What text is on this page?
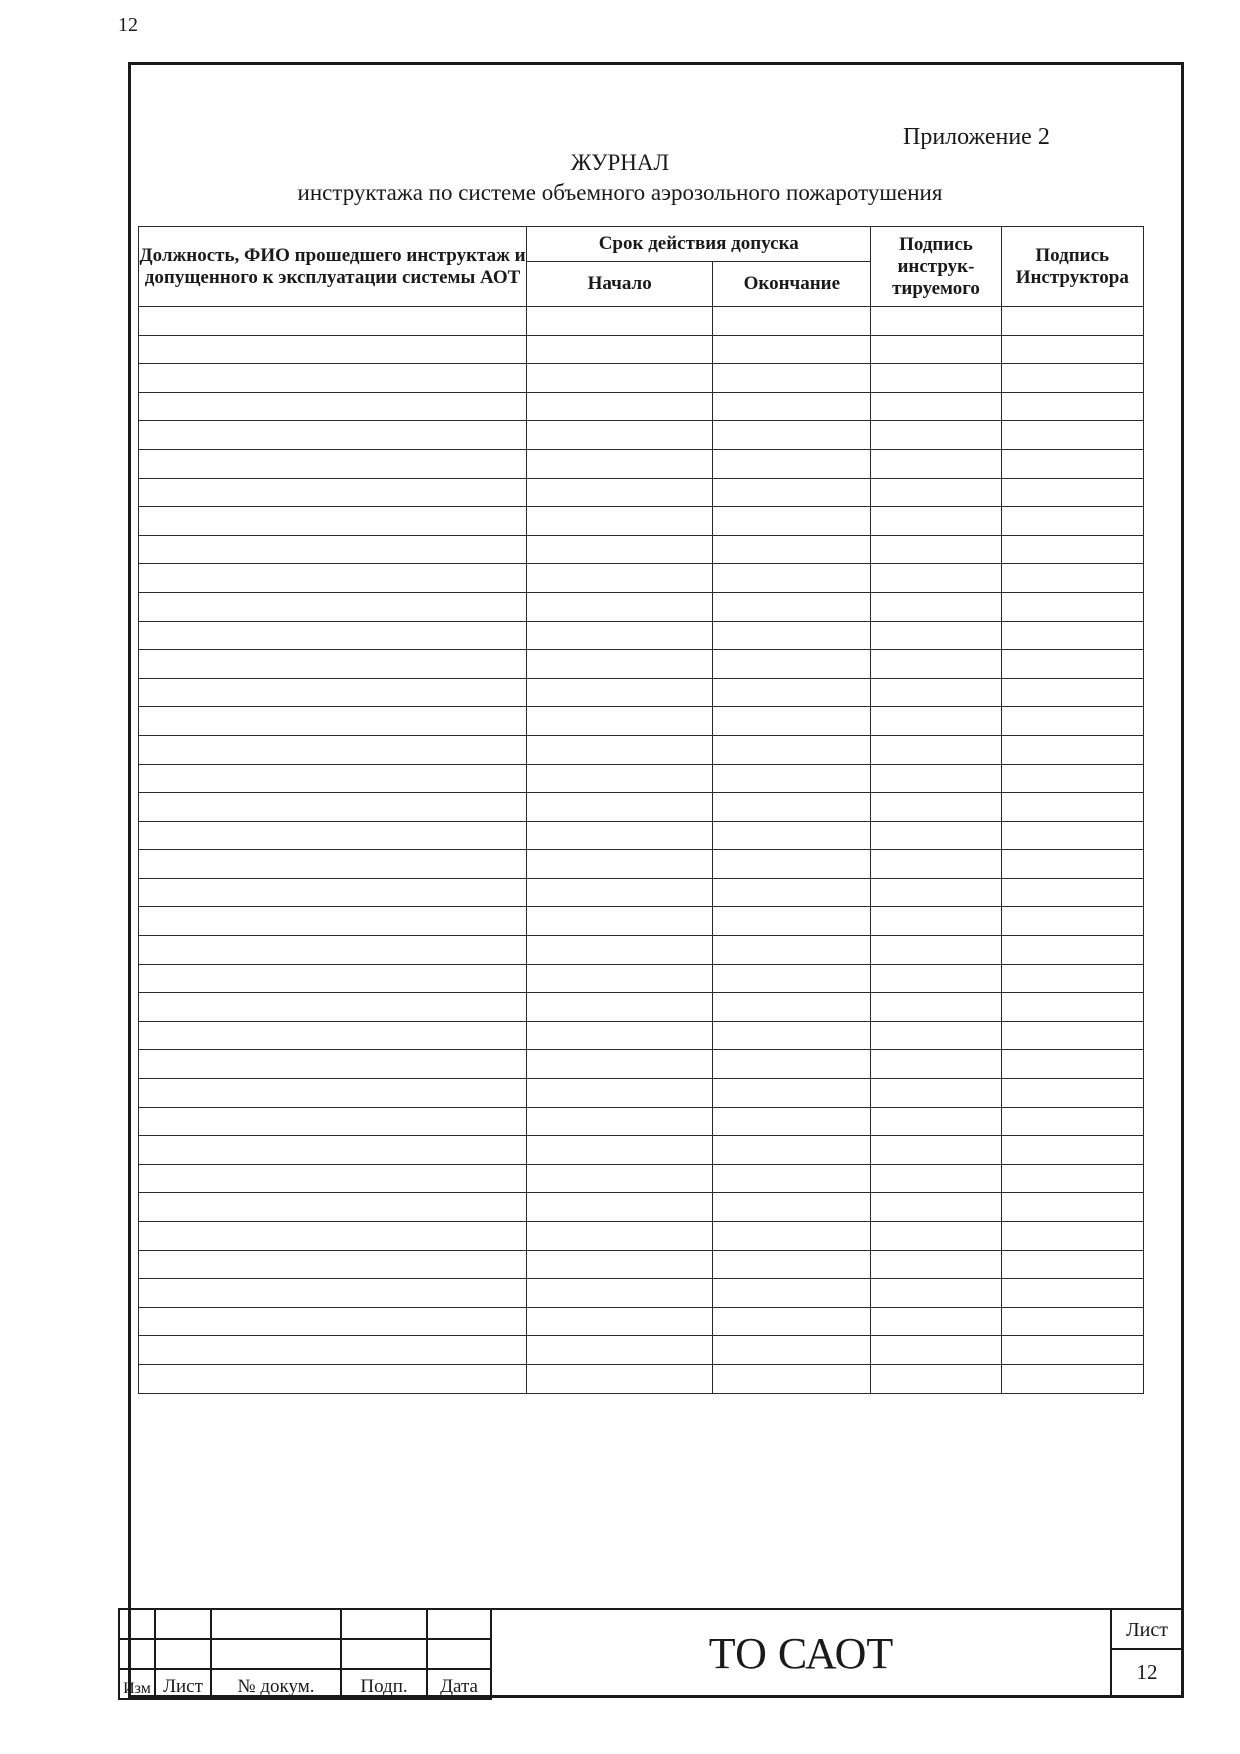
12
Приложение 2
ЖУРНАЛ
инструктажа по системе объемного аэрозольного пожаротушения
Должность, ФИО прошедшего инструктаж и допущенного к эксплуатации системы АОТ	Срок действия допуска		Подпись инструк-тируемого	Подпись Инструктора
	Начало	Окончание		

Изм	Лист	№ докум.	Подп.	Дата
ТО САОТ	Лист
12
